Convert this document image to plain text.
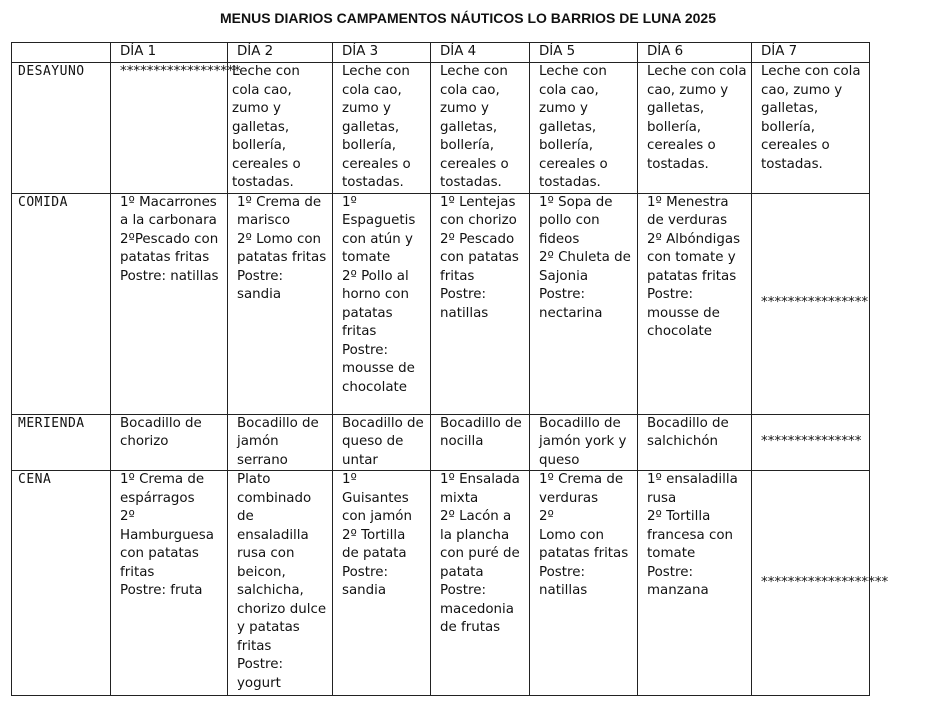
MENUS DIARIOS CAMPAMENTOS NÁUTICOS LO BARRIOS DE LUNA 2025
	DÍA 1	DÍA 2	DÍA 3	DÍA 4	DÍA 5	DÍA 6	DÍA 7
DESAYUNO	******************	Leche con cola cao, zumo y galletas, bollería, cereales o tostadas.	Leche con cola cao, zumo y galletas, bollería, cereales o tostadas.	Leche con cola cao, zumo y galletas, bollería, cereales o tostadas.	Leche con cola cao, zumo y galletas, bollería, cereales o tostadas.	Leche con cola cao, zumo y galletas, bollería, cereales o tostadas.	Leche con cola cao, zumo y galletas, bollería, cereales o tostadas.
COMIDA	1º Macarrones a la carbonara
2ºPescado con patatas fritas
Postre: natillas	1º Crema de marisco
2º Lomo con patatas fritas
Postre: sandia	1º Espaguetis con atún y tomate
2º Pollo al horno con patatas fritas
Postre: mousse de chocolate	1º Lentejas con chorizo
2º Pescado con patatas fritas
Postre: natillas	1º Sopa de pollo con fideos
2º Chuleta de Sajonia
Postre: nectarina	1º Menestra de verduras
2º Albóndigas con tomate y patatas fritas
Postre: mousse de chocolate	****************
MERIENDA	Bocadillo de chorizo	Bocadillo de jamón serrano	Bocadillo de queso de untar	Bocadillo de nocilla	Bocadillo de jamón york y queso	Bocadillo de salchichón	***************
CENA	1º Crema de espárragos
2º Hamburguesa con patatas fritas
Postre: fruta	Plato combinado de ensaladilla rusa con beicon, salchicha, chorizo dulce y patatas fritas
Postre: yogurt	1º Guisantes con jamón
2º Tortilla de patata
Postre: sandia	1º Ensalada mixta
2º Lacón a la plancha con puré de patata
Postre: macedonia de frutas	1º Crema de verduras
2º
Lomo con patatas fritas
Postre: natillas	1º ensaladilla rusa
2º Tortilla francesa con tomate
Postre: manzana	*******************
